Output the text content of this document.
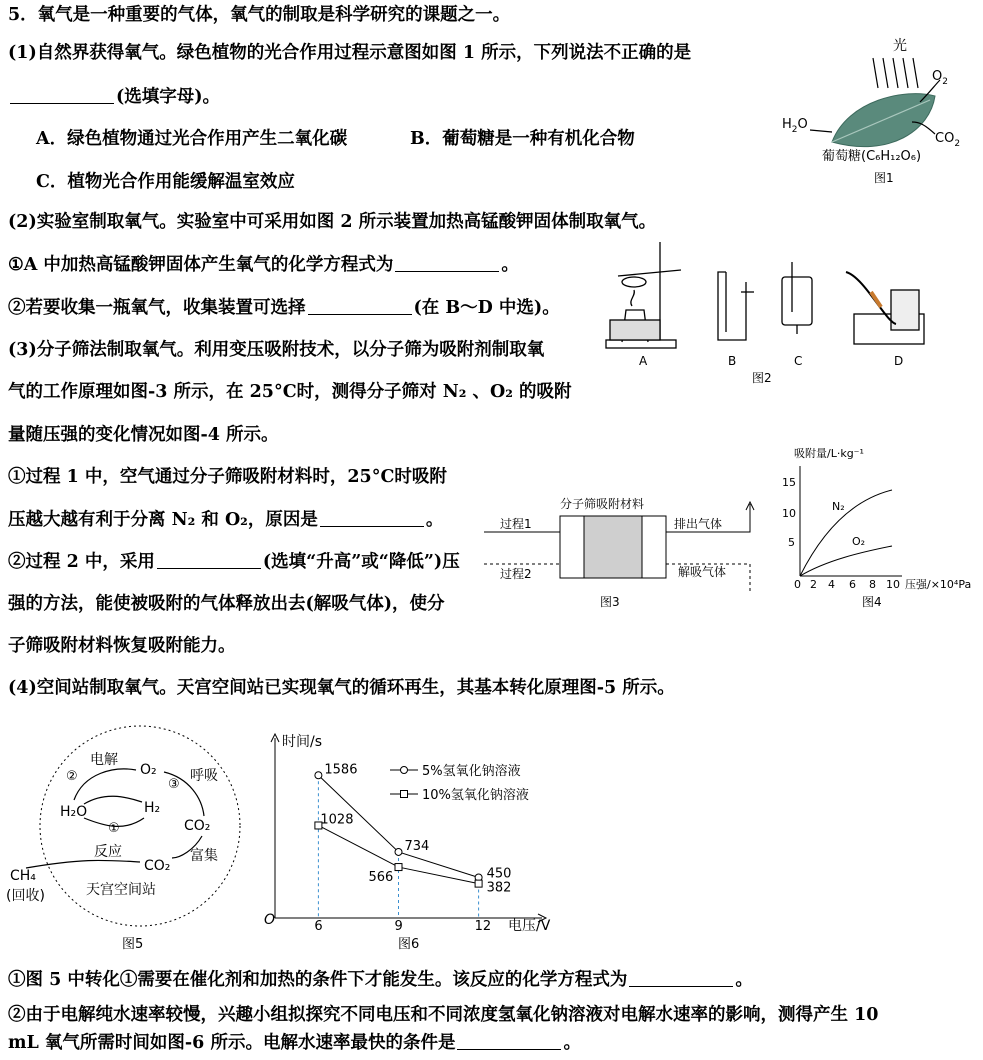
5．氧气是一种重要的气体，氧气的制取是科学研究的课题之一。
(1)自然界获得氧气。绿色植物的光合作用过程示意图如图 1 所示，下列说法不正确的是
(选填字母)。
A．绿色植物通过光合作用产生二氧化碳	B．葡萄糖是一种有机化合物
C．植物光合作用能缓解温室效应
(2)实验室制取氧气。实验室中可采用如图 2 所示装置加热高锰酸钾固体制取氧气。
①A 中加热高锰酸钾固体产生氧气的化学方程式为	。
②若要收集一瓶氧气，收集装置可选择	(在 B～D 中选)。
(3)分子筛法制取氧气。利用变压吸附技术，以分子筛为吸附剂制取氧
气的工作原理如图-3 所示，在 25°C时，测得分子筛对 N₂ 、O₂ 的吸附
量随压强的变化情况如图-4 所示。
①过程 1 中，空气通过分子筛吸附材料时，25°C时吸附
压越大越有利于分离 N₂ 和 O₂，原因是	。
②过程 2 中，采用	(选填“升高”或“降低”)压
强的方法，能使被吸附的气体释放出去(解吸气体)，使分
子筛吸附材料恢复吸附能力。
(4)空间站制取氧气。天宫空间站已实现氧气的循环再生，其基本转化原理图-5 所示。
①图 5 中转化①需要在催化剂和加热的条件下才能发生。该反应的化学方程式为	。
②由于电解纯水速率较慢，兴趣小组拟探究不同电压和不同浓度氢氧化钠溶液对电解水速率的影响，测得产生 10
mL 氧气所需时间如图-6 所示。电解水速率最快的条件是	。
光
$O_2$
$H_2O$
$CO_2$
葡萄糖(C₆H₁₂O₆)
图1
A	B	C	D
图2
分子筛吸附材料
过程1
过程2
排出气体
解吸气体
图3
吸附量/L·kg⁻¹
15
10
5
0 2 4 6 8 10 压强/×10⁴Pa
N₂
O₂
图4
电解
②	O₂ 呼吸
③
H₂O	H₂
CO₂
①
反应	富集
CO₂
天宫空间站
CH₄
(回收)
图5
时间/s
电压/V
O
5%氢氧化钠溶液
10%氢氧化钠溶液
6	9	12
1586
734
450
1028
566
382
图6
